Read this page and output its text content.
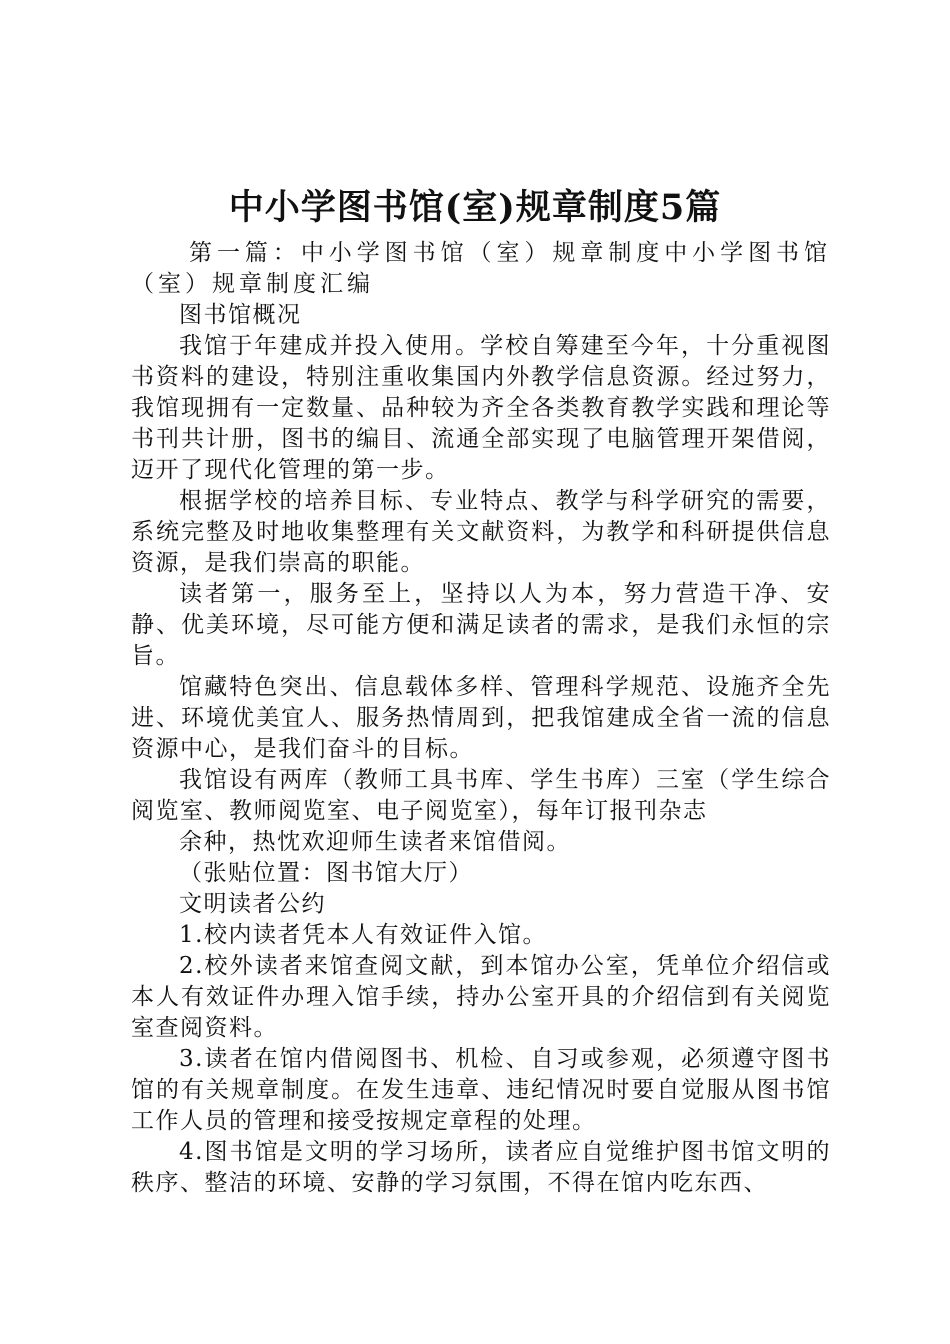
中小学图书馆(室)规章制度5篇

第一篇：中小学图书馆（室）规章制度中小学图书馆（室）规章制度汇编

图书馆概况

我馆于年建成并投入使用。学校自筹建至今年，十分重视图书资料的建设，特别注重收集国内外教学信息资源。经过努力，我馆现拥有一定数量、品种较为齐全各类教育教学实践和理论等书刊共计册，图书的编目、流通全部实现了电脑管理开架借阅，迈开了现代化管理的第一步。

根据学校的培养目标、专业特点、教学与科学研究的需要，系统完整及时地收集整理有关文献资料，为教学和科研提供信息资源，是我们崇高的职能。

读者第一，服务至上，坚持以人为本，努力营造干净、安静、优美环境，尽可能方便和满足读者的需求，是我们永恒的宗旨。

馆藏特色突出、信息载体多样、管理科学规范、设施齐全先进、环境优美宜人、服务热情周到，把我馆建成全省一流的信息资源中心，是我们奋斗的目标。

我馆设有两库（教师工具书库、学生书库）三室（学生综合阅览室、教师阅览室、电子阅览室），每年订报刊杂志

余种，热忱欢迎师生读者来馆借阅。

（张贴位置：图书馆大厅）

文明读者公约

1.校内读者凭本人有效证件入馆。

2.校外读者来馆查阅文献，到本馆办公室，凭单位介绍信或本人有效证件办理入馆手续，持办公室开具的介绍信到有关阅览室查阅资料。

3.读者在馆内借阅图书、机检、自习或参观，必须遵守图书馆的有关规章制度。在发生违章、违纪情况时要自觉服从图书馆工作人员的管理和接受按规定章程的处理。

4.图书馆是文明的学习场所，读者应自觉维护图书馆文明的秩序、整洁的环境、安静的学习氛围，不得在馆内吃东西、
